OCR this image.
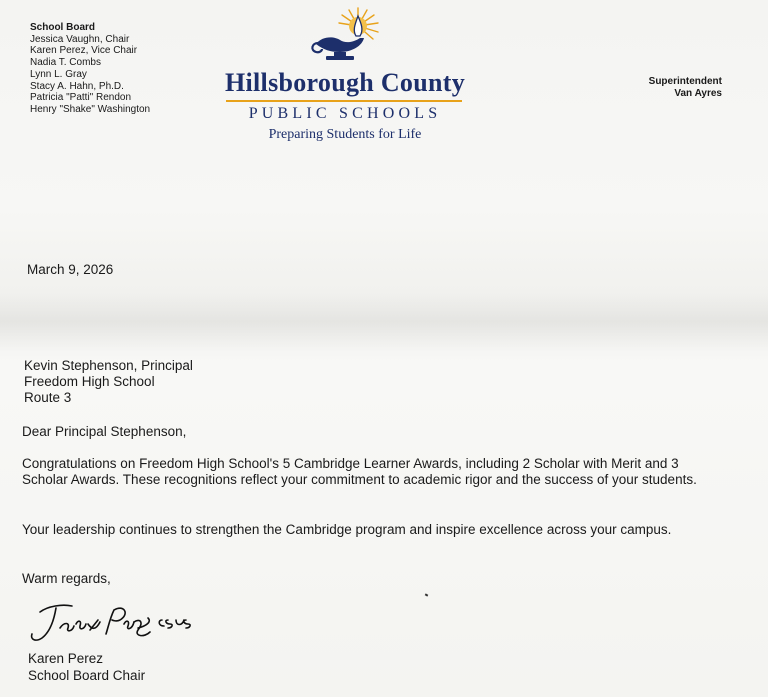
School Board
Jessica Vaughn, Chair
Karen Perez, Vice Chair
Nadia T. Combs
Lynn L. Gray
Stacy A. Hahn, Ph.D.
Patricia "Patti" Rendon
Henry "Shake" Washington
Hillsborough County
PUBLIC SCHOOLS
Preparing Students for Life
Superintendent
Van Ayres
March 9, 2026
Kevin Stephenson, Principal
Freedom High School
Route 3
Dear Principal Stephenson,
Congratulations on Freedom High School's 5 Cambridge Learner Awards, including 2 Scholar with Merit and 3 Scholar Awards. These recognitions reflect your commitment to academic rigor and the success of your students.
Your leadership continues to strengthen the Cambridge program and inspire excellence across your campus.
Warm regards,
Karen Perez
School Board Chair
